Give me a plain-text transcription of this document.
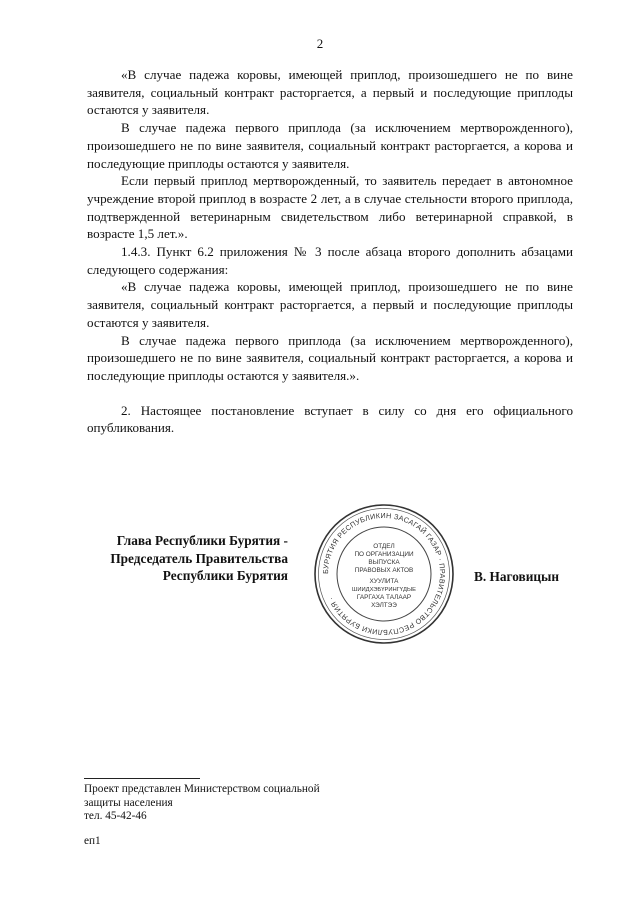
2

«В случае падежа коровы, имеющей приплод, произошедшего не по вине заявителя, социальный контракт расторгается, а первый и последующие приплоды остаются у заявителя.

В случае падежа первого приплода (за исключением мертворожденного), произошедшего не по вине заявителя, социальный контракт расторгается, а корова и последующие приплоды остаются у заявителя.

Если первый приплод мертворожденный, то заявитель передает в автономное учреждение второй приплод в возрасте 2 лет, а в случае стельности второго приплода, подтвержденной ветеринарным свидетельством либо ветеринарной справкой, в возрасте 1,5 лет.».

1.4.3. Пункт 6.2 приложения № 3 после абзаца второго дополнить абзацами следующего содержания:

«В случае падежа коровы, имеющей приплод, произошедшего не по вине заявителя, социальный контракт расторгается, а первый и последующие приплоды остаются у заявителя.

В случае падежа первого приплода (за исключением мертворожденного), произошедшего не по вине заявителя, социальный контракт расторгается, а корова и последующие приплоды остаются у заявителя.».

2. Настоящее постановление вступает в силу со дня его официального опубликования.

Глава Республики Бурятия -
Председатель Правительства
Республики Бурятия	БУРЯТИЯ РЕСПУБЛИКИН ЗАСАГАЙ ГАЗАР · ПРАВИТЕЛЬСТВО РЕСПУБЛИКИ БУРЯТИЯ ·
ОТДЕЛ
ПО ОРГАНИЗАЦИИ
ВЫПУСКА
ПРАВОВЫХ АКТОВ
ХУУЛИТА
ШИИДХЭБҮРИНГҮДЫЕ
ГАРГАХА ТАЛААР
ХЭЛТЭЭ
В. Наговицын
Проект представлен Министерством социальной
защиты населения
тел. 45-42-46
еп1
